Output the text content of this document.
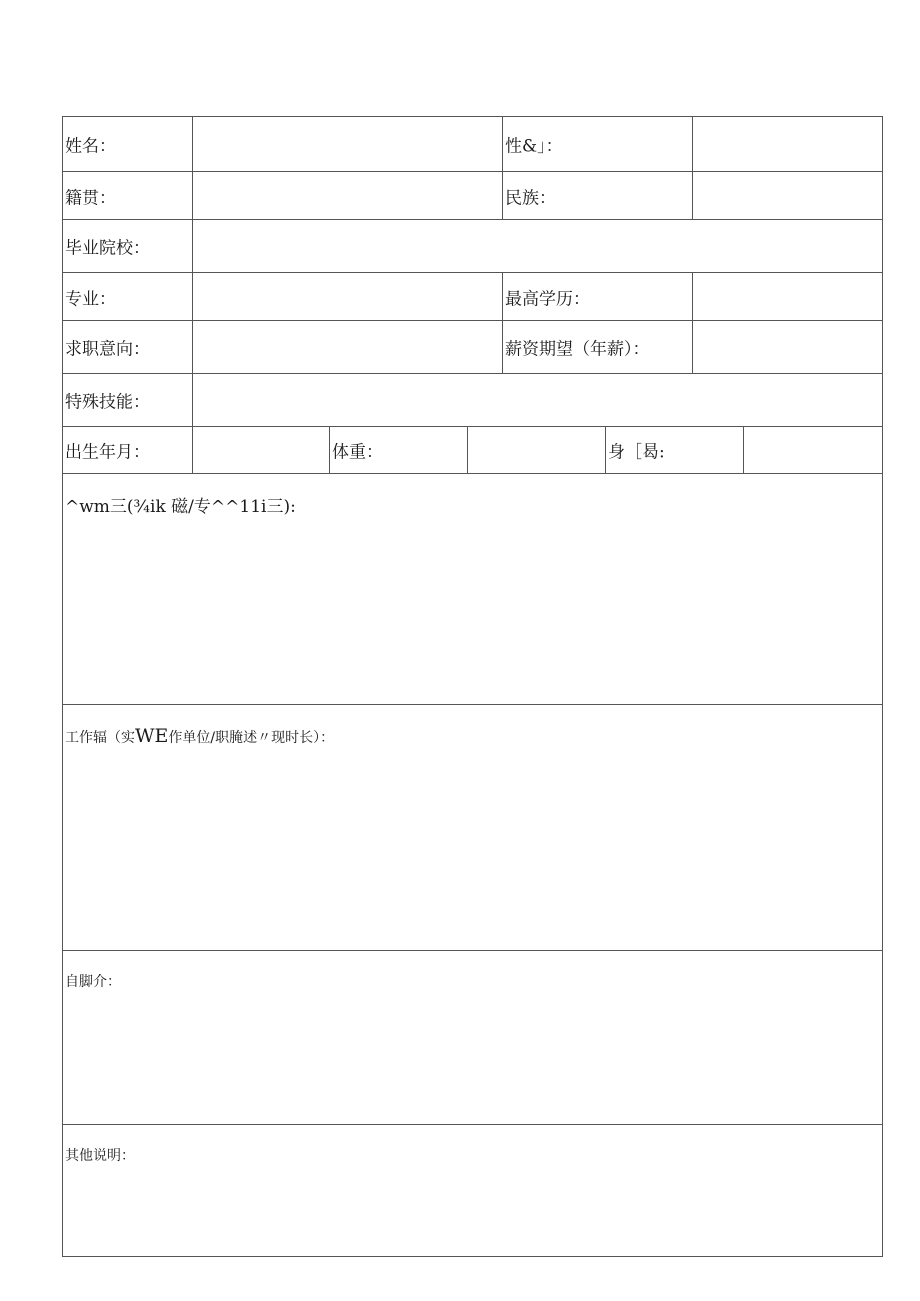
姓名：	性&」：
籍贯：	民族：
毕业院校：
专业：	最高学历：
求职意向：	薪资期望（年薪）：
特殊技能：
出生年月：	体重：	身［曷:
^wm三(¾ik 磁/专^^11i三):
工作辐（实WE作单位/职腌述〃现时长）：
自脚介：
其他说明：
